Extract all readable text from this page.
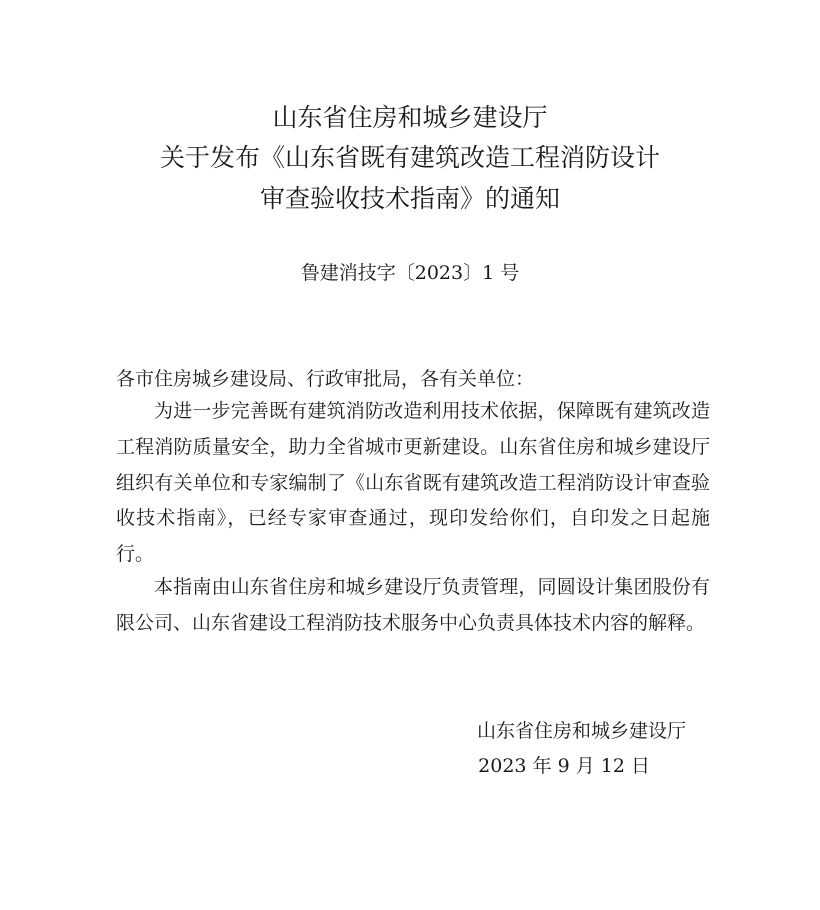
山东省住房和城乡建设厅
关于发布《山东省既有建筑改造工程消防设计
审查验收技术指南》的通知
鲁建消技字〔2023〕1 号
各市住房城乡建设局、行政审批局，各有关单位：

为进一步完善既有建筑消防改造利用技术依据，保障既有建筑改造工程消防质量安全，助力全省城市更新建设。山东省住房和城乡建设厅组织有关单位和专家编制了《山东省既有建筑改造工程消防设计审查验收技术指南》，已经专家审查通过，现印发给你们，自印发之日起施行。

本指南由山东省住房和城乡建设厅负责管理，同圆设计集团股份有限公司、山东省建设工程消防技术服务中心负责具体技术内容的解释。

山东省住房和城乡建设厅
2023 年 9 月 12 日
